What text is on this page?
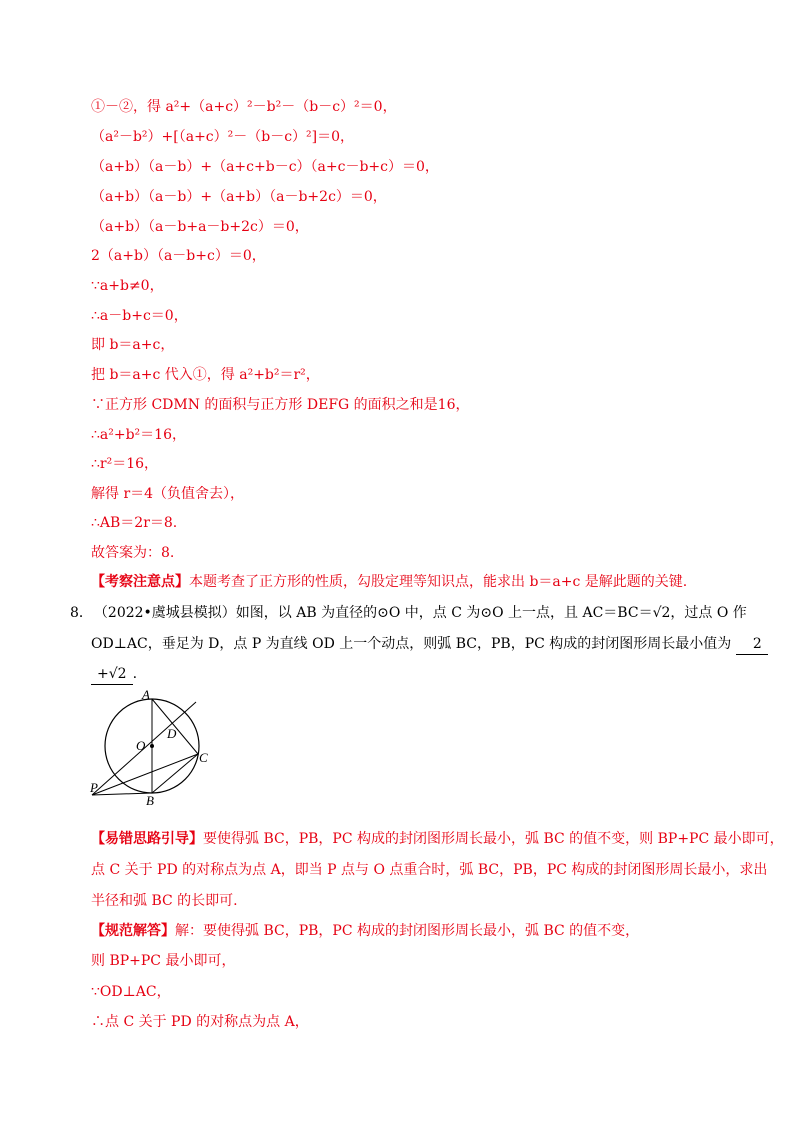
①－②，得 a²+（a+c）²－b²－（b－c）²＝0，
（a²－b²）+[（a+c）²－（b－c）²]＝0，
（a+b）（a－b）+（a+c+b－c）（a+c－b+c）＝0，
（a+b）（a－b）+（a+b）（a－b+2c）＝0，
（a+b）（a－b+a－b+2c）＝0，
2（a+b）（a－b+c）＝0，
∵a+b≠0，
∴a－b+c＝0，
即 b＝a+c，
把 b＝a+c 代入①，得 a²+b²＝r²，
∵正方形 CDMN 的面积与正方形 DEFG 的面积之和是16，
∴a²+b²＝16，
∴r²＝16，
解得 r＝4（负值舍去），
∴AB＝2r＝8.
故答案为：8.
【考察注意点】本题考查了正方形的性质，勾股定理等知识点，能求出 b＝a+c 是解此题的关键.
8． （2022•虞城县模拟）如图，以 AB 为直径的⊙O 中，点 C 为⊙O 上一点，且 AC＝BC＝√2，过点 O 作
OD⊥AC，垂足为 D，点 P 为直线 OD 上一个动点，则弧 BC，PB，PC 构成的封闭图形周长最小值为 2
+√2 .
A
O
D
C
P
B
【易错思路引导】要使得弧 BC，PB，PC 构成的封闭图形周长最小，弧 BC 的值不变，则 BP+PC 最小即可，
点 C 关于 PD 的对称点为点 A，即当 P 点与 O 点重合时，弧 BC，PB，PC 构成的封闭图形周长最小，求出
半径和弧 BC 的长即可.
【规范解答】解：要使得弧 BC，PB，PC 构成的封闭图形周长最小，弧 BC 的值不变，
则 BP+PC 最小即可，
∵OD⊥AC，
∴点 C 关于 PD 的对称点为点 A，
